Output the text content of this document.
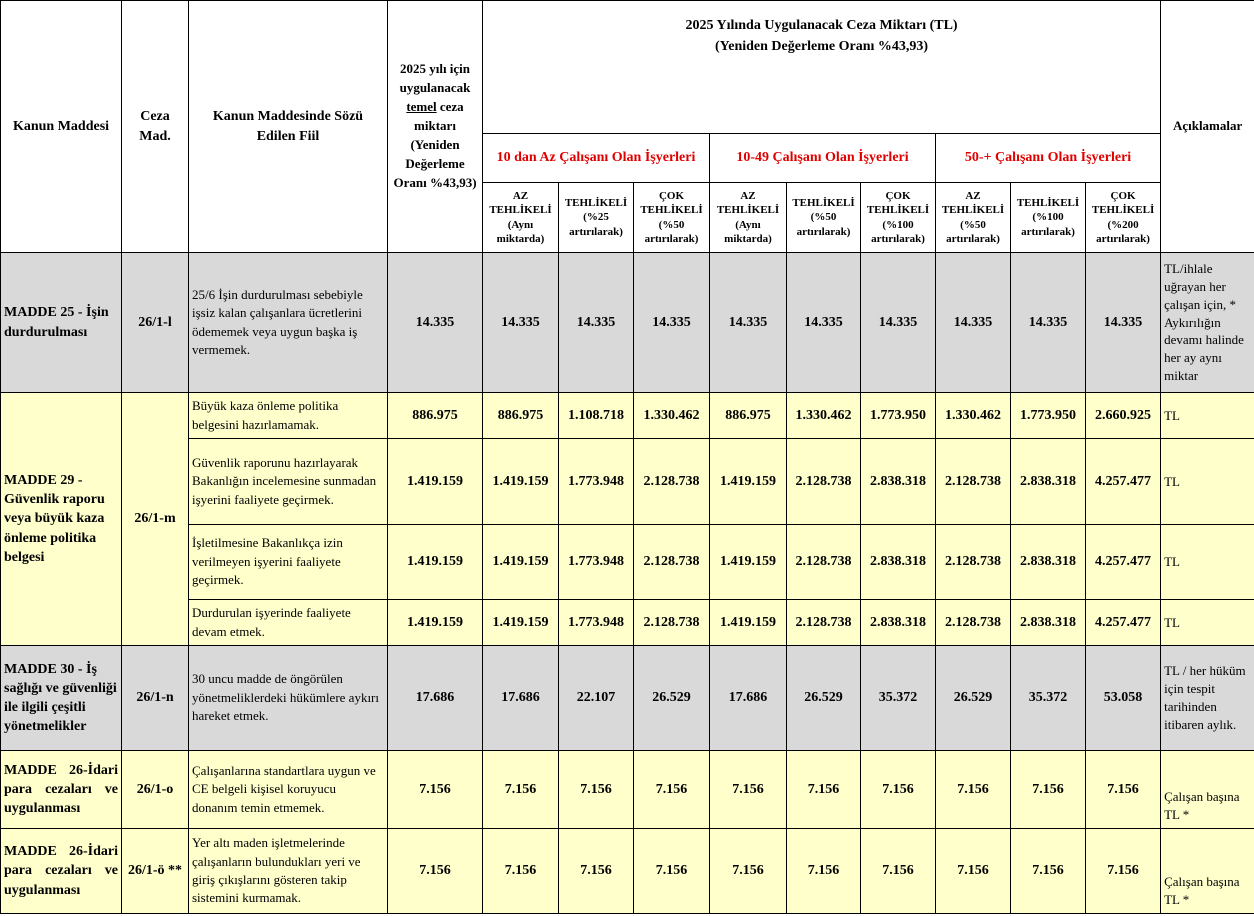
Kanun Maddesi	Ceza Mad.	Kanun Maddesinde Sözü Edilen Fiil	2025 yılı için uygulanacak temel ceza miktarı (Yeniden Değerleme Oranı %43,93)	2025 Yılında Uygulanacak Ceza Miktarı (TL)
(Yeniden Değerleme Oranı %43,93)									Açıklamalar
				10 dan Az Çalışanı Olan İşyerleri			10-49 Çalışanı Olan İşyerleri			50-+ Çalışanı Olan İşyerleri			
				AZ TEHLİKELİ (Aynı miktarda)	TEHLİKELİ (%25 artırılarak)	ÇOK TEHLİKELİ (%50 artırılarak)	AZ TEHLİKELİ (Aynı miktarda)	TEHLİKELİ (%50 artırılarak)	ÇOK TEHLİKELİ (%100 artırılarak)	AZ TEHLİKELİ (%50 artırılarak)	TEHLİKELİ (%100 artırılarak)	ÇOK TEHLİKELİ (%200 artırılarak)	
MADDE 25 - İşin durdurulması	26/1-l	25/6 İşin durdurulması sebebiyle işsiz kalan çalışanlara ücretlerini ödememek veya uygun başka iş vermemek.	14.335	14.335	14.335	14.335	14.335	14.335	14.335	14.335	14.335	14.335	TL/ihlale uğrayan her çalışan için, * Aykırılığın devamı halinde her ay aynı miktar
MADDE 29 - Güvenlik raporu veya büyük kaza önleme politika belgesi	26/1-m	Büyük kaza önleme politika belgesini hazırlamamak.	886.975	886.975	1.108.718	1.330.462	886.975	1.330.462	1.773.950	1.330.462	1.773.950	2.660.925	TL
		Güvenlik raporunu hazırlayarak Bakanlığın incelemesine sunmadan işyerini faaliyete geçirmek.	1.419.159	1.419.159	1.773.948	2.128.738	1.419.159	2.128.738	2.838.318	2.128.738	2.838.318	4.257.477	TL
		İşletilmesine Bakanlıkça izin verilmeyen işyerini faaliyete geçirmek.	1.419.159	1.419.159	1.773.948	2.128.738	1.419.159	2.128.738	2.838.318	2.128.738	2.838.318	4.257.477	TL
		Durdurulan işyerinde faaliyete devam etmek.	1.419.159	1.419.159	1.773.948	2.128.738	1.419.159	2.128.738	2.838.318	2.128.738	2.838.318	4.257.477	TL
MADDE 30 - İş sağlığı ve güvenliği ile ilgili çeşitli yönetmelikler	26/1-n	30 uncu madde de öngörülen yönetmeliklerdeki hükümlere aykırı hareket etmek.	17.686	17.686	22.107	26.529	17.686	26.529	35.372	26.529	35.372	53.058	TL / her hüküm için tespit tarihinden itibaren aylık.
MADDE 26-İdari para cezaları ve uygulanması	26/1-o	Çalışanlarına standartlara uygun ve CE belgeli kişisel koruyucu donanım temin etmemek.	7.156	7.156	7.156	7.156	7.156	7.156	7.156	7.156	7.156	7.156	Çalışan başına TL *
MADDE 26-İdari para cezaları ve uygulanması	26/1-ö **	Yer altı maden işletmelerinde çalışanların bulundukları yeri ve giriş çıkışlarını gösteren takip sistemini kurmamak.	7.156	7.156	7.156	7.156	7.156	7.156	7.156	7.156	7.156	7.156	Çalışan başına TL *
